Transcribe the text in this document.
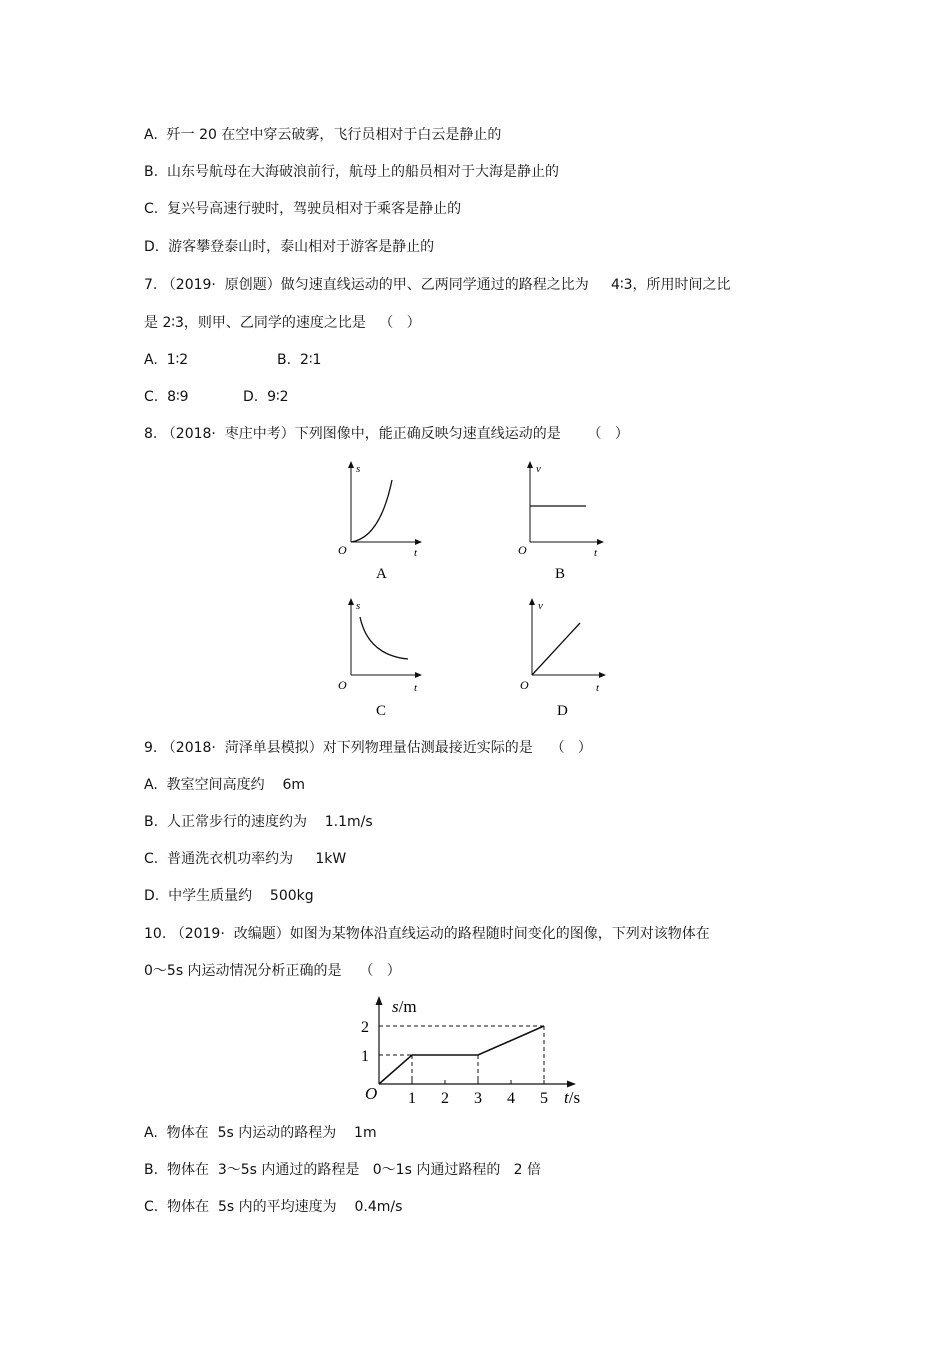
A.  歼一 20 在空中穿云破雾，飞行员相对于白云是静止的
B.  山东号航母在大海破浪前行，航母上的船员相对于大海是静止的
C.  复兴号高速行驶时，驾驶员相对于乘客是静止的
D.  游客攀登泰山时，泰山相对于游客是静止的
7. （2019·  原创题）做匀速直线运动的甲、乙两同学通过的路程之比为     4∶3，所用时间之比
是 2∶3，则甲、乙同学的速度之比是   （   ）
A.  1∶2	B.  2∶1
C.  8∶9	D.  9∶2
8. （2018·  枣庄中考）下列图像中，能正确反映匀速直线运动的是      （   ）
s
t
O
A
v
t
O
B
s
t
O
C
v
t
O
D
9. （2018·  菏泽单县模拟）对下列物理量估测最接近实际的是    （   ）
A.  教室空间高度约    6m
B.  人正常步行的速度约为    1.1m/s
C.  普通洗衣机功率约为     1kW
D.  中学生质量约    500kg
10. （2019·  改编题）如图为某物体沿直线运动的路程随时间变化的图像，下列对该物体在
0～5s 内运动情况分析正确的是    （   ）
1 2 3 4 5
1
2
s/m
t/s
O
A.  物体在  5s 内运动的路程为    1m
B.  物体在  3～5s 内通过的路程是   0～1s 内通过路程的   2 倍
C.  物体在  5s 内的平均速度为    0.4m/s
